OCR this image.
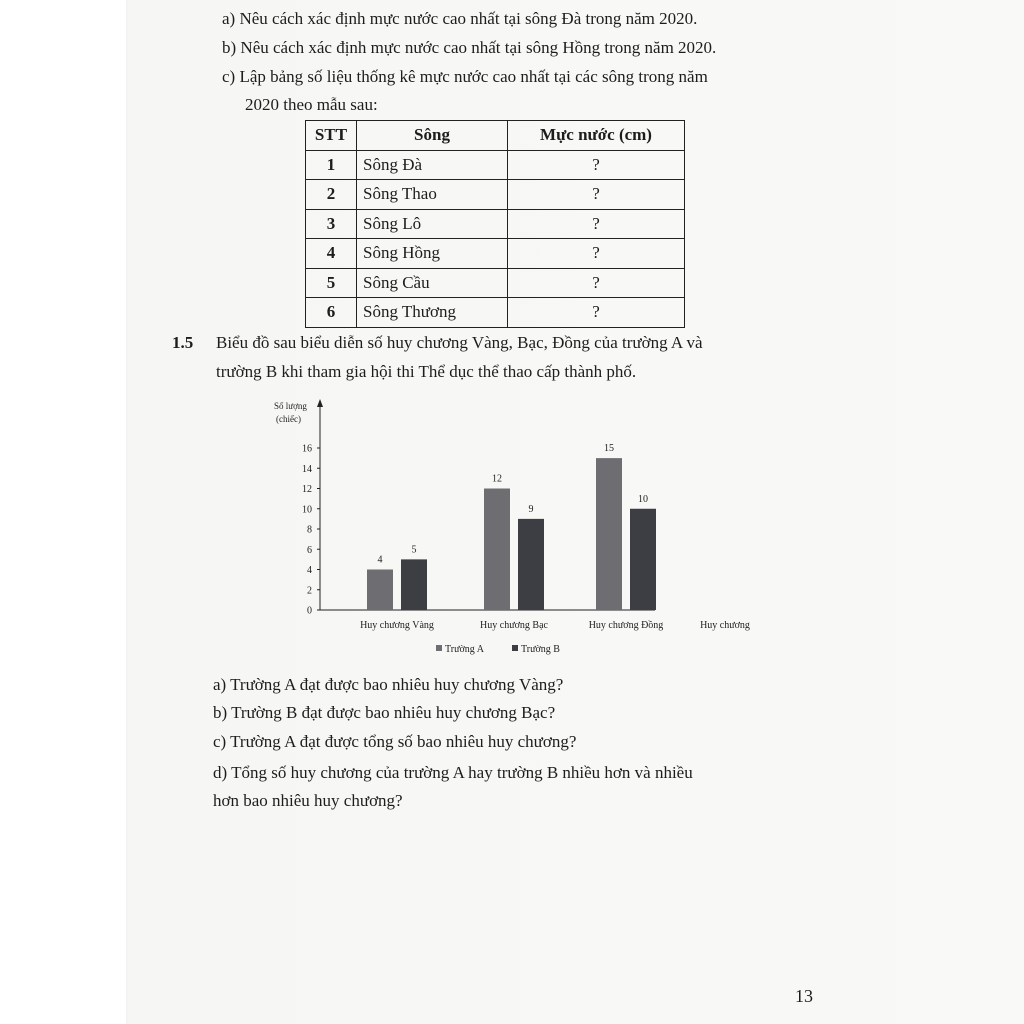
a) Nêu cách xác định mực nước cao nhất tại sông Đà trong năm 2020.
b) Nêu cách xác định mực nước cao nhất tại sông Hồng trong năm 2020.
c) Lập bảng số liệu thống kê mực nước cao nhất tại các sông trong năm
2020 theo mẫu sau:
STT	Sông	Mực nước (cm)
1	Sông Đà	?
2	Sông Thao	?
3	Sông Lô	?
4	Sông Hồng	?
5	Sông Cầu	?
6	Sông Thương	?
1.5 Biểu đồ sau biểu diễn số huy chương Vàng, Bạc, Đồng của trường A và
trường B khi tham gia hội thi Thể dục thể thao cấp thành phố.
0
2
4
6
8
10
12
14
16
Số lượng
(chiếc)
4
5
Huy chương Vàng
12
9
Huy chương Bạc
15
10
Huy chương Đồng	Huy chương
Trường A	Trường B
a) Trường A đạt được bao nhiêu huy chương Vàng?
b) Trường B đạt được bao nhiêu huy chương Bạc?
c) Trường A đạt được tổng số bao nhiêu huy chương?
d) Tổng số huy chương của trường A hay trường B nhiều hơn và nhiều
hơn bao nhiêu huy chương?
13
